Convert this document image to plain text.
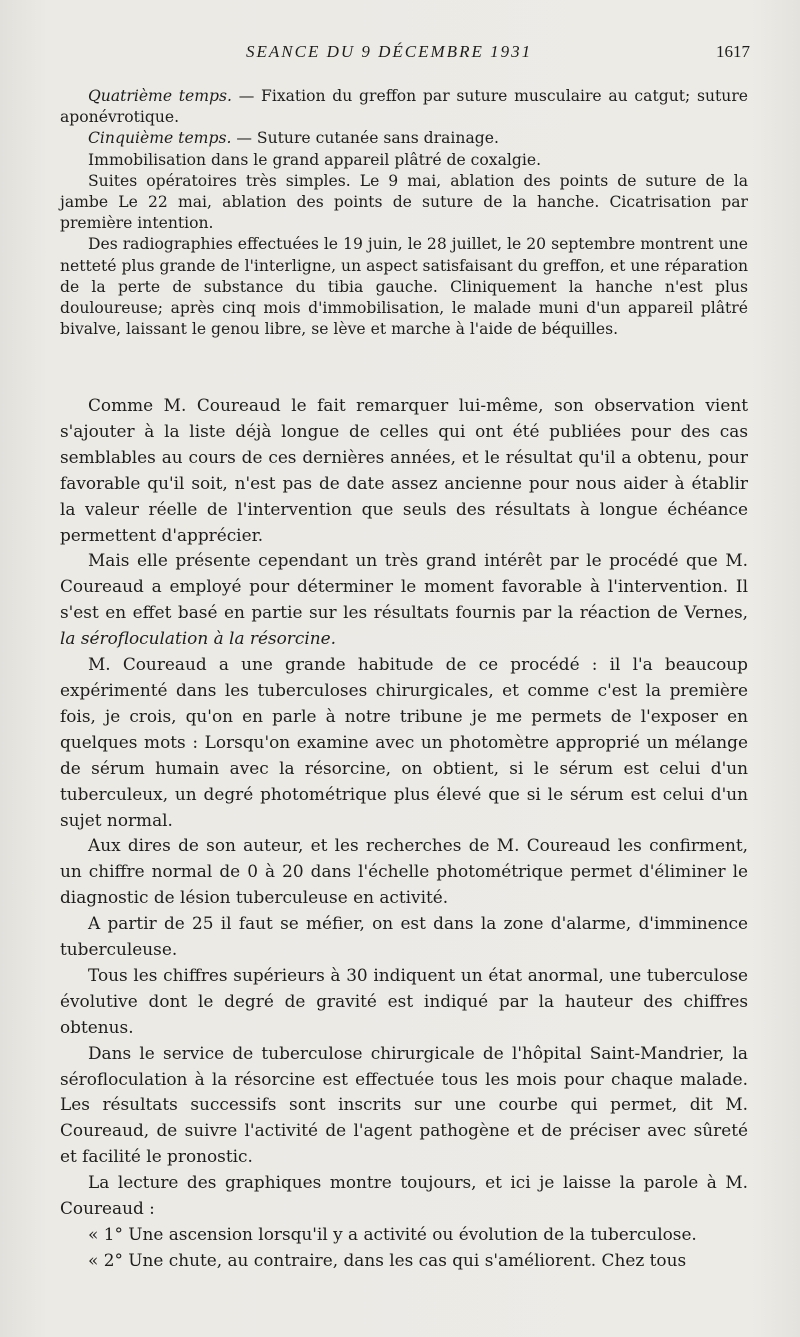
SEANCE DU 9 DÉCEMBRE 1931	1617

Quatrième temps. — Fixation du greffon par suture musculaire au catgut; suture aponévrotique.

Cinquième temps. — Suture cutanée sans drainage.

Immobilisation dans le grand appareil plâtré de coxalgie.

Suites opératoires très simples. Le 9 mai, ablation des points de suture de la jambe Le 22 mai, ablation des points de suture de la hanche. Cicatrisation par première intention.

Des radiographies effectuées le 19 juin, le 28 juillet, le 20 septembre montrent une netteté plus grande de l'interligne, un aspect satisfaisant du greffon, et une réparation de la perte de substance du tibia gauche. Cliniquement la hanche n'est plus douloureuse; après cinq mois d'immobilisation, le malade muni d'un appareil plâtré bivalve, laissant le genou libre, se lève et marche à l'aide de béquilles.

Comme M. Coureaud le fait remarquer lui-même, son observation vient s'ajouter à la liste déjà longue de celles qui ont été publiées pour des cas semblables au cours de ces dernières années, et le résultat qu'il a obtenu, pour favorable qu'il soit, n'est pas de date assez ancienne pour nous aider à établir la valeur réelle de l'intervention que seuls des résultats à longue échéance permettent d'apprécier.

Mais elle présente cependant un très grand intérêt par le procédé que M. Coureaud a employé pour déterminer le moment favorable à l'intervention. Il s'est en effet basé en partie sur les résultats fournis par la réaction de Vernes, la sérofloculation à la résorcine.

M. Coureaud a une grande habitude de ce procédé : il l'a beaucoup expérimenté dans les tuberculoses chirurgicales, et comme c'est la première fois, je crois, qu'on en parle à notre tribune je me permets de l'exposer en quelques mots : Lorsqu'on examine avec un photomètre approprié un mélange de sérum humain avec la résorcine, on obtient, si le sérum est celui d'un tuberculeux, un degré photométrique plus élevé que si le sérum est celui d'un sujet normal.

Aux dires de son auteur, et les recherches de M. Coureaud les confirment, un chiffre normal de 0 à 20 dans l'échelle photométrique permet d'éliminer le diagnostic de lésion tuberculeuse en activité.

A partir de 25 il faut se méfier, on est dans la zone d'alarme, d'imminence tuberculeuse.

Tous les chiffres supérieurs à 30 indiquent un état anormal, une tuberculose évolutive dont le degré de gravité est indiqué par la hauteur des chiffres obtenus.

Dans le service de tuberculose chirurgicale de l'hôpital Saint-Mandrier, la sérofloculation à la résorcine est effectuée tous les mois pour chaque malade. Les résultats successifs sont inscrits sur une courbe qui permet, dit M. Coureaud, de suivre l'activité de l'agent pathogène et de préciser avec sûreté et facilité le pronostic.

La lecture des graphiques montre toujours, et ici je laisse la parole à M. Coureaud :

« 1° Une ascension lorsqu'il y a activité ou évolution de la tuberculose.

« 2° Une chute, au contraire, dans les cas qui s'améliorent. Chez tous
